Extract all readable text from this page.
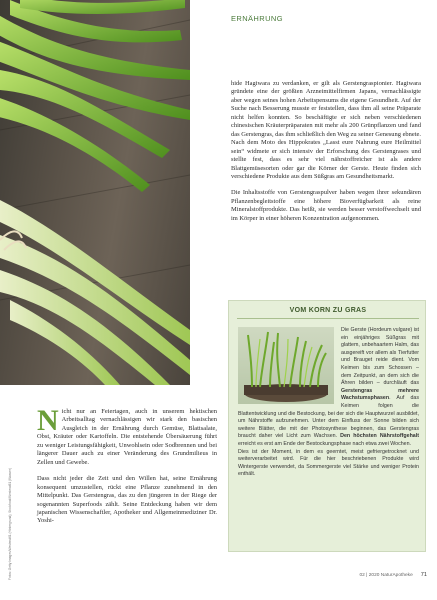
Fotos: Getty Images/Westend61 (Hintergrund); Stockfood/Westend61 (Wasser)
ERNÄHRUNG

hide Hagiwara zu verdanken, er gilt als Gerstengraspionier. Hagiwara gründete eine der größten Arzneimittelfirmen Japans, vernachlässigte aber wegen seines hohen Arbeitspensums die eigene Gesundheit. Auf der Suche nach Besserung musste er feststellen, dass ihm all seine Präparate nicht helfen konnten. So beschäftigte er sich neben verschiedenen chinesischen Kräuterpräparaten mit mehr als 200 Grünpflanzen und fand das Gerstengras, das ihm schließlich den Weg zu seiner Genesung ebnete. Nach dem Moto des Hippokrates „Lasst eure Nahrung eure Heilmittel sein“ widmete er sich intensiv der Erforschung des Gerstengrases und stellte fest, dass es sehr viel nährstoffreicher ist als andere Blattgemüsesorten oder gar die Körner der Gerste. Heute finden sich verschiedene Produkte aus dem Süßgras am Gesundheitsmarkt.

Die Inhaltsstoffe von Gerstengraspulver haben wegen ihrer sekundären Pflanzenbegleitstoffe eine höhere Bioverfügbarkeit als reine Mineralstoffprodukte. Das heißt, sie werden besser verstoffwechselt und im Körper in einer höheren Konzentration aufgenommen.

VOM KORN ZU GRAS

Die Gerste (Hordeum vulgare) ist ein einjähriges Süßgras mit glattem, unbehaartem Halm, das ausgereift vor allem als Tierfutter und Brauget reide dient. Vom Keimen bis zum Schossen – dem Zeitpunkt, an dem sich die Ähren bilden – durchläuft das Gerstengras mehrere Wachstumsphasen. Auf das Keimen folgen die Blattentwicklung und die Bestockung, bei der sich die Hauptwurzel ausbildet, um Nährstoffe aufzunehmen. Unter dem Einfluss der Sonne bilden sich weitere Blätter, die mit der Photosynthese beginnen, das Gerstengras braucht daher viel Licht zum Wachsen. Den höchsten Nährstoffgehalt erreicht es erst am Ende der Bestockungsphase nach etwa zwei Wochen.

Dies ist der Moment, in dem es geerntet, meist gefriergetrocknet und weiterverarbeitet wird. Für die hier beschriebenen Produkte wird Wintergerste verwendet, da Sommergerste viel Stärke und weniger Protein enthält.

Nicht nur an Feiertagen, auch in unserem hektischen Arbeitsalltag vernachlässigen wir stark den basischen Ausgleich in der Ernährung durch Gemüse, Blattsalate, Obst, Kräuter oder Kartoffeln. Die entstehende Übersäuerung führt zu weniger Leistungsfähigkeit, Unwohlsein oder Sodbrennen und bei längerer Dauer auch zu einer Veränderung des Grundmilieus in Zellen und Gewebe.

Dass nicht jeder die Zeit und den Willen hat, seine Ernährung konsequent umzustellen, rückt eine Pflanze zunehmend in den Mittelpunkt. Das Gerstengras, das zu den jüngeren in der Riege der sogenannten Superfoods zählt. Seine Entdeckung haben wir dem japanischen Wissenschaftler, Apotheker und Allgemeinmediziner Dr. Yoshi-

02 | 2020 NaturApotheke 71
